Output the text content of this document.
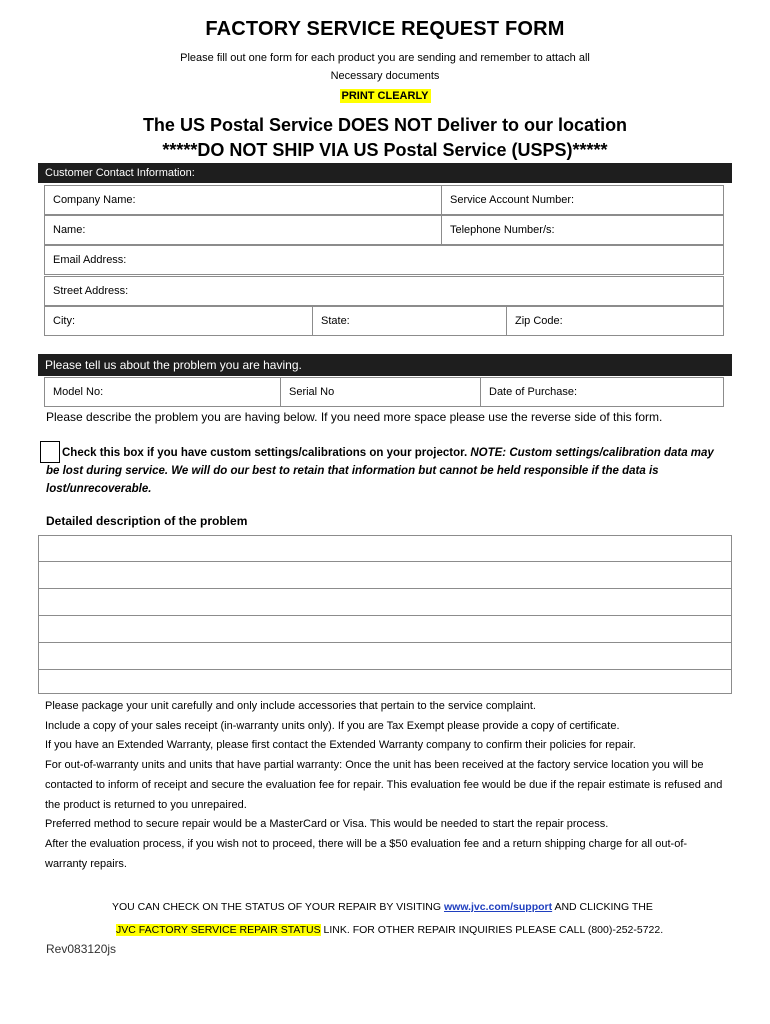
FACTORY SERVICE REQUEST FORM
Please fill out one form for each product you are sending and remember to attach all
Necessary documents
PRINT CLEARLY
The US Postal Service DOES NOT Deliver to our location
*****DO NOT SHIP VIA US Postal Service (USPS)*****
Customer Contact Information:
Company Name:	Service Account Number:
Name:	Telephone Number/s:
Email Address:
Street Address:
City:	State:	Zip Code:
Please tell us about the problem you are having.
Model No:	Serial No	Date of Purchase:
Please describe the problem you are having below. If you need more space please use the reverse side of this form.
Check this box if you have custom settings/calibrations on your projector. NOTE: Custom settings/calibration data may be lost during service. We will do our best to retain that information but cannot be held responsible if the data is lost/unrecoverable.
Detailed description of the problem
Please package your unit carefully and only include accessories that pertain to the service complaint.
Include a copy of your sales receipt (in-warranty units only). If you are Tax Exempt please provide a copy of certificate.
If you have an Extended Warranty, please first contact the Extended Warranty company to confirm their policies for repair.
For out-of-warranty units and units that have partial warranty: Once the unit has been received at the factory service location you will be contacted to inform of receipt and secure the evaluation fee for repair. This evaluation fee would be due if the repair estimate is refused and the product is returned to you unrepaired.
Preferred method to secure repair would be a MasterCard or Visa. This would be needed to start the repair process.
After the evaluation process, if you wish not to proceed, there will be a $50 evaluation fee and a return shipping charge for all out-of-warranty repairs.
YOU CAN CHECK ON THE STATUS OF YOUR REPAIR BY VISITING www.jvc.com/support AND CLICKING THE
JVC FACTORY SERVICE REPAIR STATUS LINK. FOR OTHER REPAIR INQUIRIES PLEASE CALL (800)-252-5722.
Rev083120js
